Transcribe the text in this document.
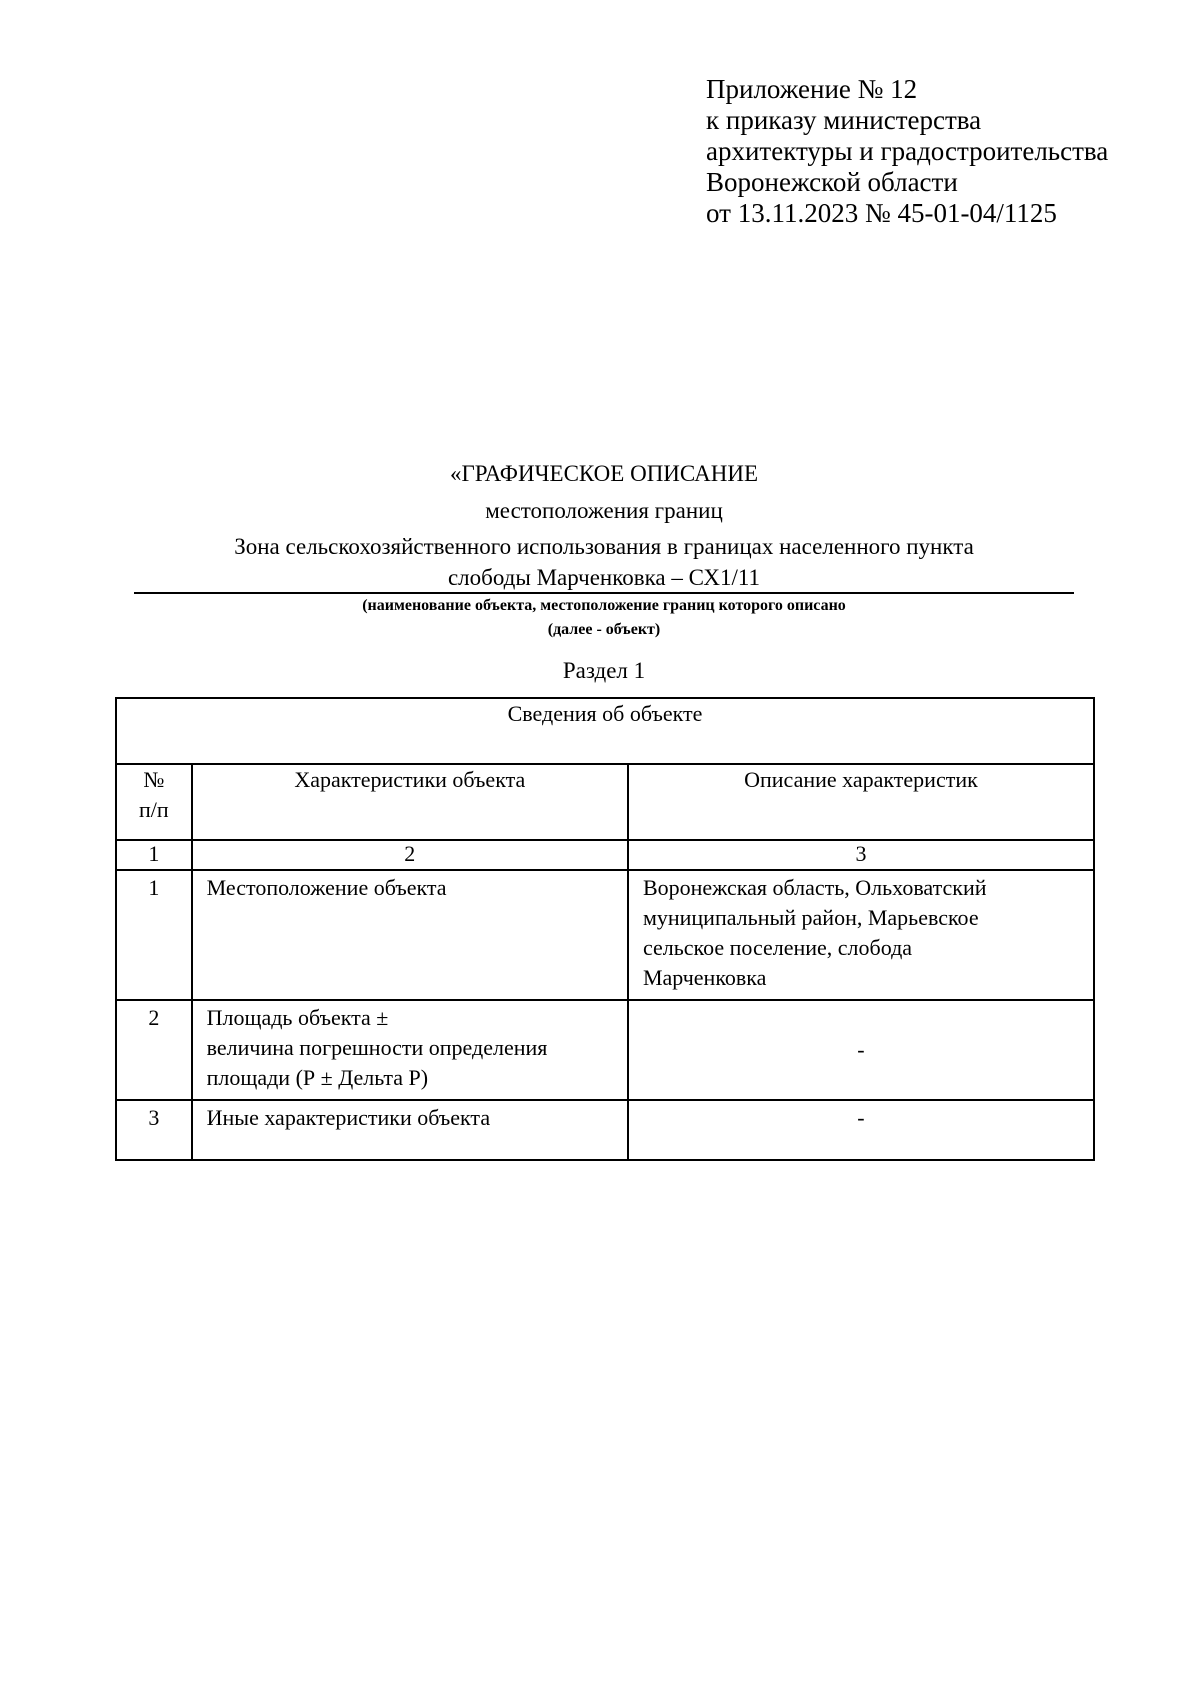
Приложение № 12
к приказу министерства
архитектуры и градостроительства
Воронежской области
от 13.11.2023 № 45-01-04/1125
«ГРАФИЧЕСКОЕ ОПИСАНИЕ
местоположения границ
Зона сельскохозяйственного использования в границах населенного пункта
слободы Марченковка – СХ1/11
(наименование объекта, местоположение границ которого описано
(далее - объект)
Раздел 1
Сведения об объекте		

№
п/п	Характеристики объекта	Описание характеристик
1	2	3
1	Местоположение объекта	Воронежская область, Ольховатский
муниципальный район, Марьевское
сельское поселение, слобода
Марченковка

2	Площадь объекта ±
величина погрешности определения
площади (Р ± Дельта Р)	-
3	Иные характеристики объекта	-
